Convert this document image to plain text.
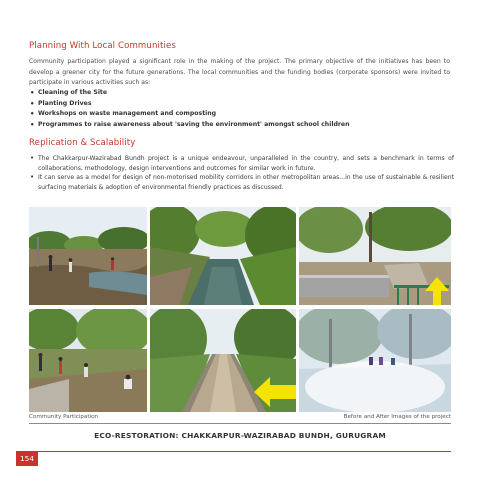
Planning With Local Communities
Community participation played a significant role in the making of the project. The primary objective of the initiatives has been to develop a greener city for the future generations. The local communities and the funding bodies (corporate sponsors) were invited to participate in various activities such as:
• Cleaning of the Site
• Planting Drives
• Workshops on waste management and composting
• Programmes to raise awareness about 'saving the environment' amongst school children
Replication & Scalability
• The Chakkarpur-Wazirabad Bundh project is a unique endeavour, unparalleled in the country, and sets a benchmark in terms of collaborations, methodology, design interventions and outcomes for similar work in future.
• It can serve as a model for design of non-motorised mobility corridors in other metropolitan areas...in the use of sustainable & resilient surfacing materials & adoption of environmental friendly practices as discussed.
Community Participation	Before and After Images of the project
ECO-RESTORATION: CHAKKARPUR-WAZIRABAD BUNDH, GURUGRAM
154
